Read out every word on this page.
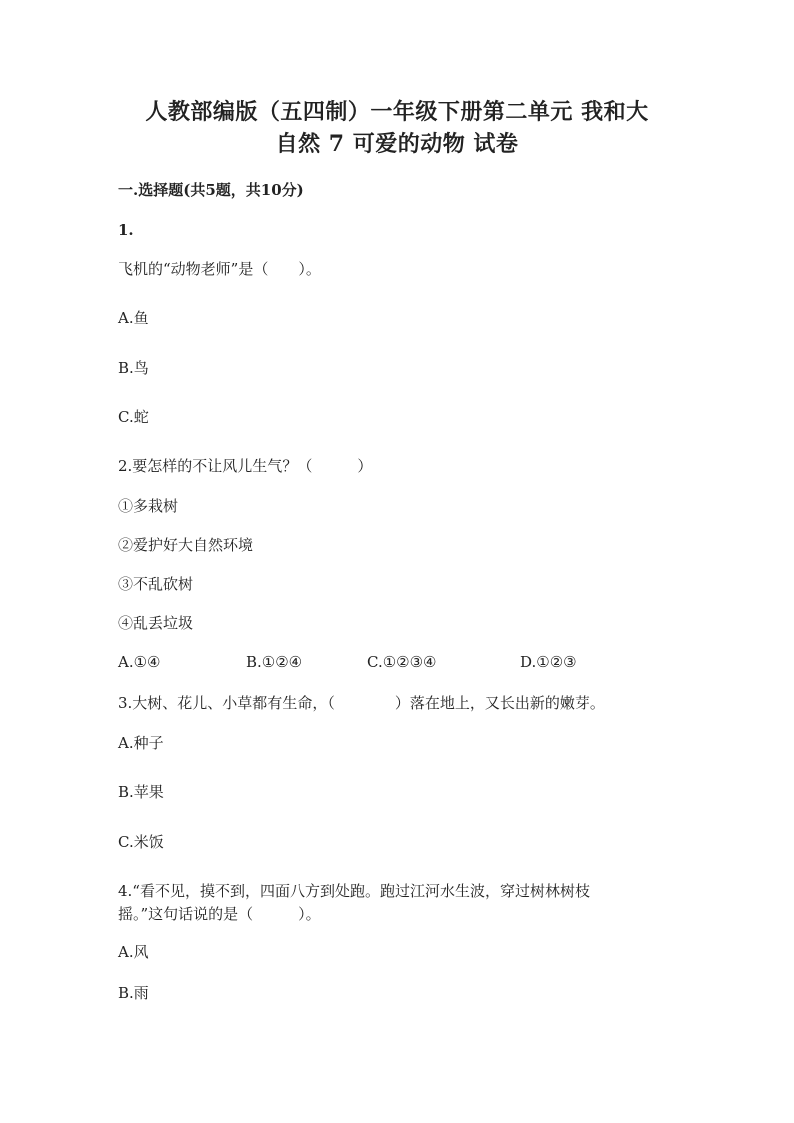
人教部编版（五四制）一年级下册第二单元 我和大
自然 7 可爱的动物 试卷
一.选择题(共5题，共10分)
1.
飞机的“动物老师”是（　　）。
A.鱼
B.鸟
C.蛇
2.要怎样的不让风儿生气？（　　　）
①多栽树
②爱护好大自然环境
③不乱砍树
④乱丢垃圾
A.①④	B.①②④	C.①②③④	D.①②③
3.大树、花儿、小草都有生命，（　　　　）落在地上，又长出新的嫩芽。
A.种子
B.苹果
C.米饭
4.“看不见，摸不到，四面八方到处跑。跑过江河水生波，穿过树林树枝
摇。”这句话说的是（　　　）。
A.风
B.雨
